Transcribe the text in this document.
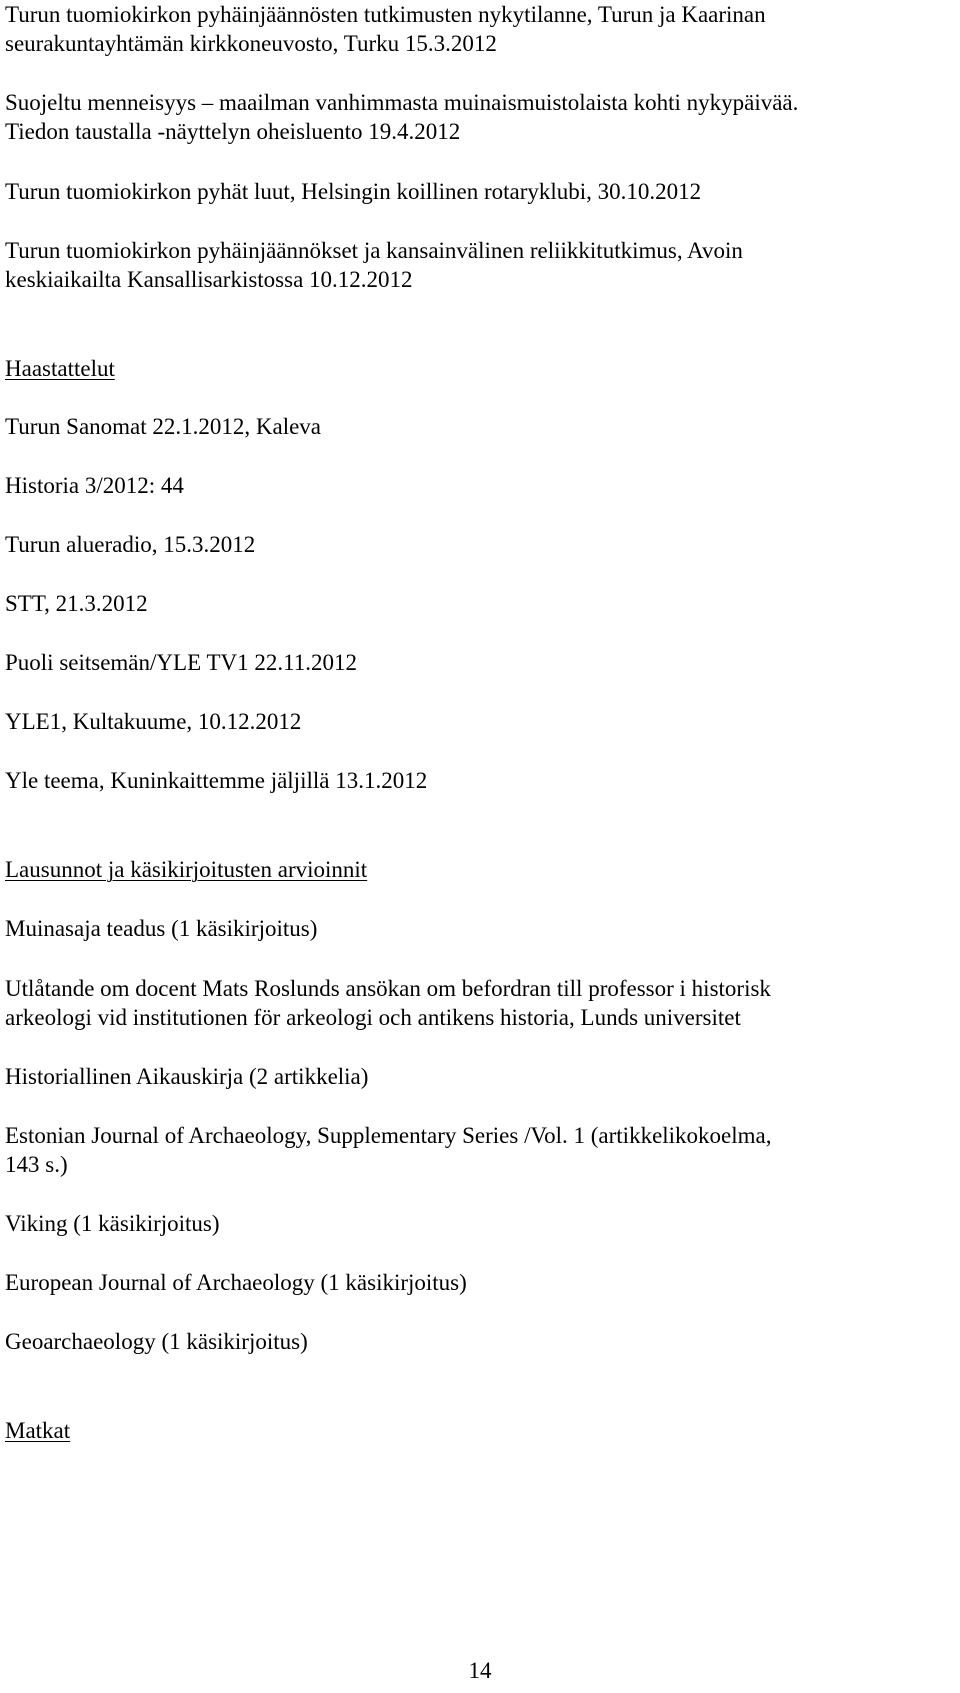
Turun tuomiokirkon pyhäinjäännösten tutkimusten nykytilanne, Turun ja Kaarinan

seurakuntayhtämän kirkkoneuvosto, Turku 15.3.2012

Suojeltu menneisyys – maailman vanhimmasta muinaismuistolaista kohti nykypäivää.

Tiedon taustalla -näyttelyn oheisluento 19.4.2012

Turun tuomiokirkon pyhät luut, Helsingin koillinen rotaryklubi, 30.10.2012

Turun tuomiokirkon pyhäinjäännökset ja kansainvälinen reliikkitutkimus, Avoin

keskiaikailta Kansallisarkistossa 10.12.2012

Haastattelut

Turun Sanomat 22.1.2012, Kaleva

Historia 3/2012: 44

Turun alueradio, 15.3.2012

STT, 21.3.2012

Puoli seitsemän/YLE TV1 22.11.2012

YLE1, Kultakuume, 10.12.2012

Yle teema, Kuninkaittemme jäljillä 13.1.2012

Lausunnot ja käsikirjoitusten arvioinnit

Muinasaja teadus (1 käsikirjoitus)

Utlåtande om docent Mats Roslunds ansökan om befordran till professor i historisk

arkeologi vid institutionen för arkeologi och antikens historia, Lunds universitet

Historiallinen Aikauskirja (2 artikkelia)

Estonian Journal of Archaeology, Supplementary Series /Vol. 1 (artikkelikokoelma,

143 s.)

Viking (1 käsikirjoitus)

European Journal of Archaeology (1 käsikirjoitus)

Geoarchaeology (1 käsikirjoitus)

Matkat

14
